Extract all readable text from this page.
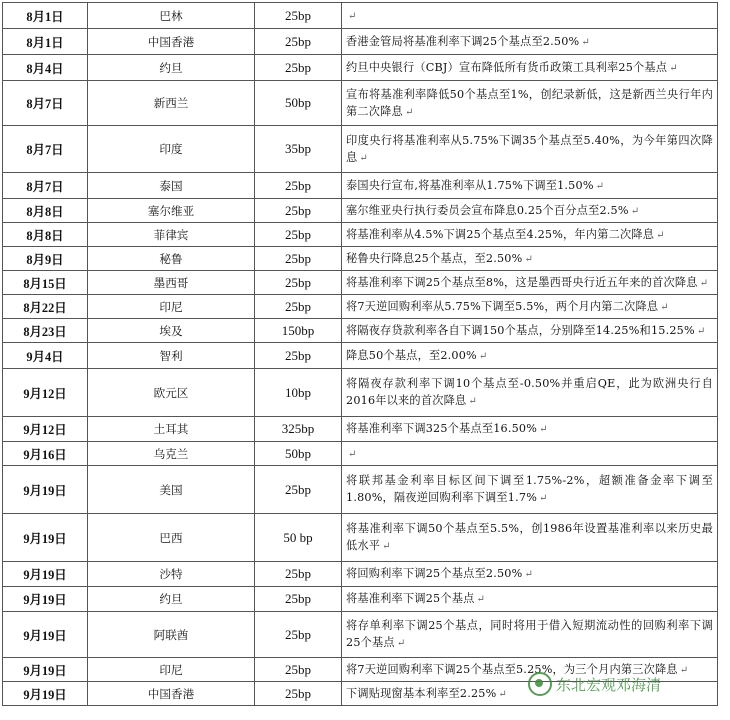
8月1日	巴林	25bp	↵
8月1日	中国香港	25bp	香港金管局将基准利率下调25个基点至2.50% ↵
8月4日	约旦	25bp	约旦中央银行（CBJ）宣布降低所有货币政策工具利率25个基点 ↵
8月7日	新西兰	50bp	宣布将基准利率降低50个基点至1%，创纪录新低，这是新西兰央行年内第二次降息 ↵
8月7日	印度	35bp	印度央行将基准利率从5.75%下调35个基点至5.40%，为今年第四次降息 ↵
8月7日	泰国	25bp	泰国央行宣布,将基准利率从1.75%下调至1.50% ↵
8月8日	塞尔维亚	25bp	塞尔维亚央行执行委员会宣布降息0.25个百分点至2.5% ↵
8月8日	菲律宾	25bp	将基准利率从4.5%下调25个基点至4.25%，年内第二次降息 ↵
8月9日	秘鲁	25bp	秘鲁央行降息25个基点，至2.50% ↵
8月15日	墨西哥	25bp	将基准利率下调25个基点至8%，这是墨西哥央行近五年来的首次降息 ↵
8月22日	印尼	25bp	将7天逆回购利率从5.75%下调至5.5%，两个月内第二次降息 ↵
8月23日	埃及	150bp	将隔夜存贷款利率各自下调150个基点，分别降至14.25%和15.25% ↵
9月4日	智利	25bp	降息50个基点，至2.00% ↵
9月12日	欧元区	10bp	将隔夜存款利率下调10个基点至-0.50%并重启QE，此为欧洲央行自2016年以来的首次降息 ↵
9月12日	土耳其	325bp	将基准利率下调325个基点至16.50% ↵
9月16日	乌克兰	50bp	↵
9月19日	美国	25bp	将联邦基金利率目标区间下调至1.75%-2%，超额准备金率下调至1.80%，隔夜逆回购利率下调至1.7% ↵
9月19日	巴西	50 bp	将基准利率下调50个基点至5.5%，创1986年设置基准利率以来历史最低水平 ↵
9月19日	沙特	25bp	将回购利率下调25个基点至2.50% ↵
9月19日	约旦	25bp	将基准利率下调25个基点 ↵
9月19日	阿联酋	25bp	将存单利率下调25个基点，同时将用于借入短期流动性的回购利率下调25个基点 ↵
9月19日	印尼	25bp	将7天逆回购利率下调25个基点至5.25%，为三个月内第三次降息 ↵
9月19日	中国香港	25bp	下调贴现窗基本利率至2.25% ↵
东北宏观邓海清
